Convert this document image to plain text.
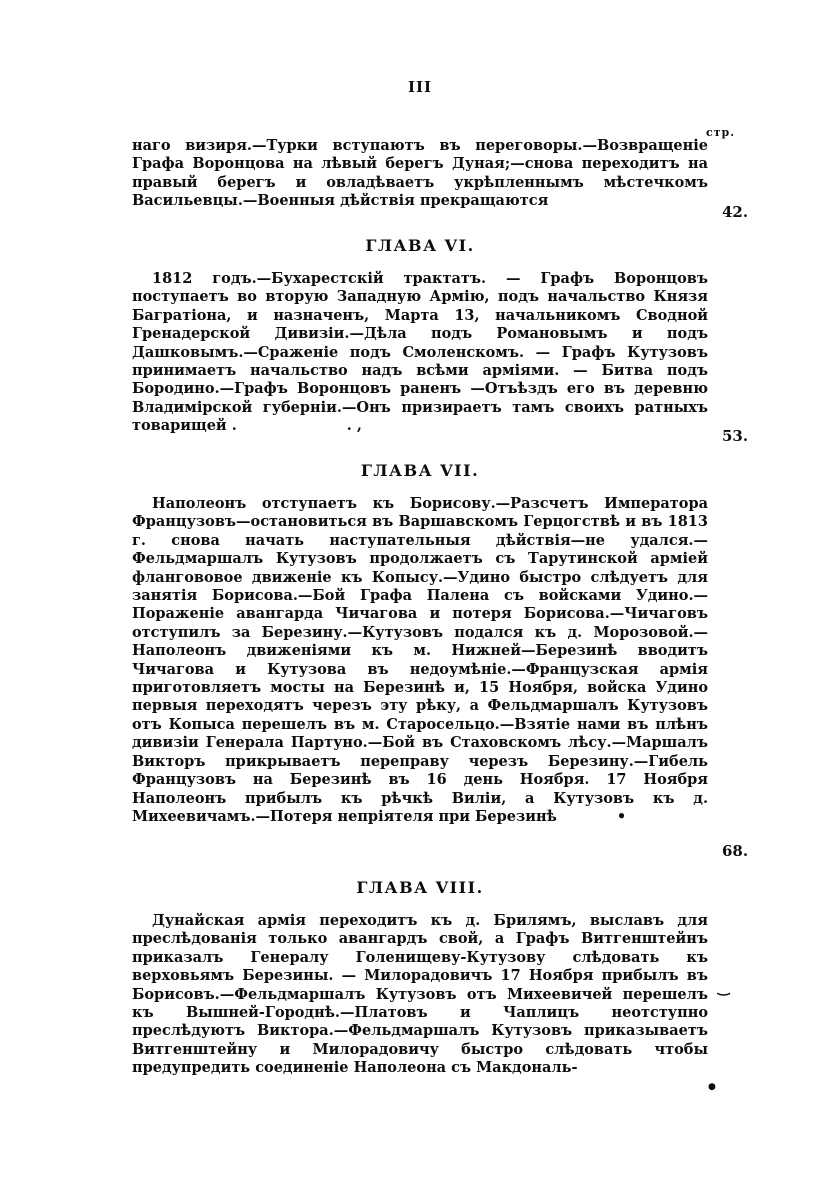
III
стр.

наго визиря.—Турки вступаютъ въ переговоры.—Возвращеніе Графа Воронцова на лѣвый берегъ Дуная;—снова переходитъ на правый берегъ и овладѣваетъ укрѣпленнымъ мѣстечкомъ Васильевцы.—Военныя дѣйствія прекращаются

42.
ГЛАВА VI.

1812 годъ.—Бухарестскій трактатъ. — Графъ Воронцовъ поступаетъ во вторую Западную Армію, подъ начальство Князя Багратіона, и назначенъ, Марта 13, начальникомъ Сводной Гренадерской Дивизіи.—Дѣла подъ Романовымъ и подъ Дашковымъ.—Сраженіе подъ Смоленскомъ. — Графъ Кутузовъ принимаетъ начальство надъ всѣми арміями. — Битва подъ Бородино.—Графъ Воронцовъ раненъ —Отъѣздъ его въ деревню Владимірской губерніи.—Онъ призираетъ тамъ своихъ ратныхъ товарищей .	. ,

53.
ГЛАВА VII.

Наполеонъ отступаетъ къ Борисову.—Разсчетъ Императора Французовъ—остановиться въ Варшавскомъ Герцогствѣ и въ 1813 г. снова начать наступательныя дѣйствія—не удался.—Фельдмаршалъ Кутузовъ продолжаетъ съ Тарутинской арміей флангововое движеніе къ Копысу.—Удино быстро слѣдуетъ для занятія Борисова.—Бой Графа Палена съ войсками Удино.—Пораженіе авангарда Чичагова и потеря Борисова.—Чичаговъ отступилъ за Березину.—Кутузовъ подался къ д. Морозовой.—Наполеонъ движеніями къ м. Нижней—Березинѣ вводитъ Чичагова и Кутузова въ недоумѣніе.—Французская армія приготовляетъ мосты на Березинѣ и, 15 Ноября, войска Удино первыя переходятъ черезъ эту рѣку, а Фельдмаршалъ Кутузовъ отъ Копыса перешелъ въ м. Старосельцо.—Взятіе нами въ плѣнъ дивизіи Генерала Партуно.—Бой въ Стаховскомъ лѣсу.—Маршалъ Викторъ прикрываетъ переправу черезъ Березину.—Гибель Французовъ на Березинѣ въ 16 день Ноября. 17 Ноября Наполеонъ прибылъ къ рѣчкѣ Виліи, а Кутузовъ къ д. Михеевичамъ.—Потеря непріятеля при Березинѣ	•

68.
ГЛАВА VIII.

Дунайская армія переходитъ къ д. Брилямъ, выславъ для преслѣдованія только авангардъ свой, а Графъ Витгенштейнъ приказалъ Генералу Голенищеву-Кутузову слѣдовать къ верховьямъ Березины. — Милорадовичъ 17 Ноября прибылъ въ Борисовъ.—Фельдмаршалъ Кутузовъ отъ Михеевичей перешелъ къ Вышней-Городнѣ.—Платовъ и Чаплицъ неотступно преслѣдуютъ Виктора.—Фельдмаршалъ Кутузовъ приказываетъ Витгенштейну и Милорадовичу быстро слѣдовать чтобы предупредить соединеніе Наполеона съ Макдональ-

‿
●
